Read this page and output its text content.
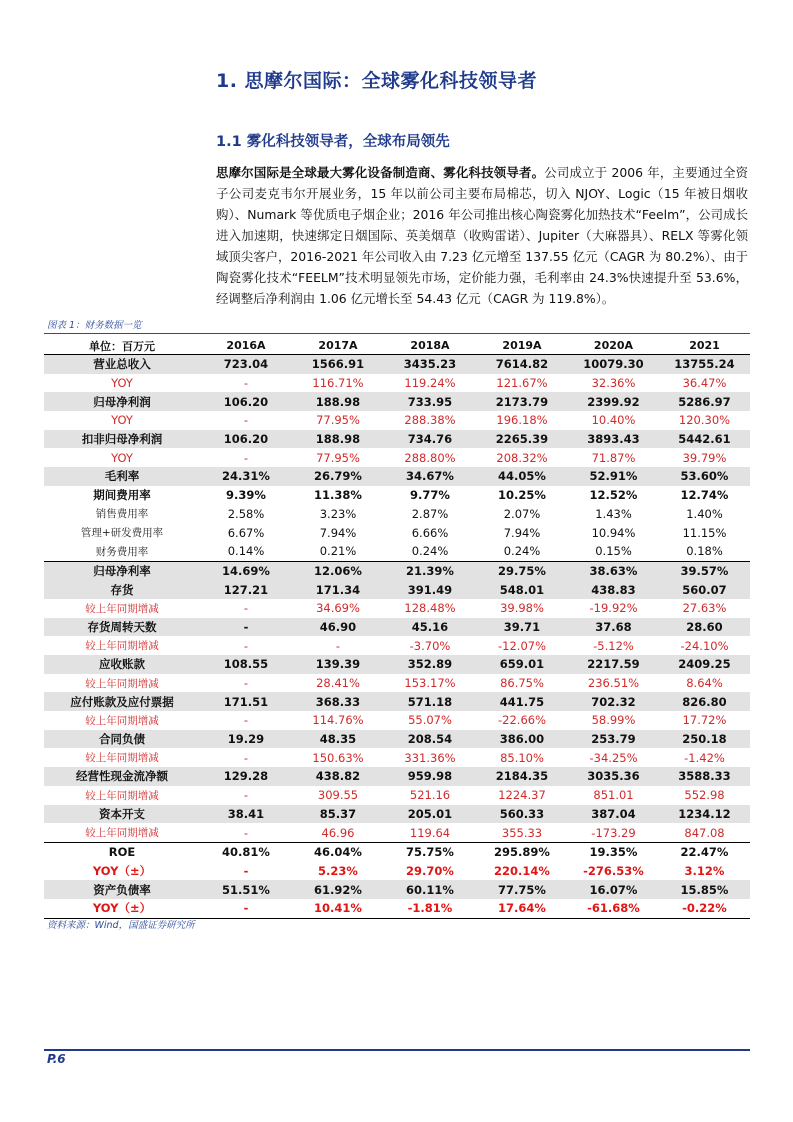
1. 思摩尔国际：全球雾化科技领导者
1.1 雾化科技领导者，全球布局领先
思摩尔国际是全球最大雾化设备制造商、雾化科技领导者。公司成立于 2006 年，主要通过全资子公司麦克韦尔开展业务，15 年以前公司主要布局棉芯，切入 NJOY、Logic（15 年被日烟收购）、Numark 等优质电子烟企业；2016 年公司推出核心陶瓷雾化加热技术“Feelm”，公司成长进入加速期，快速绑定日烟国际、英美烟草（收购雷诺）、Jupiter（大麻器具）、RELX 等雾化领域顶尖客户，2016-2021 年公司收入由 7.23 亿元增至 137.55 亿元（CAGR 为 80.2%）、由于陶瓷雾化技术“FEELM”技术明显领先市场，定价能力强，毛利率由 24.3%快速提升至 53.6%，经调整后净利润由 1.06 亿元增长至 54.43 亿元（CAGR 为 119.8%）。
图表 1：财务数据一览
单位：百万元	2016A	2017A	2018A	2019A	2020A	2021
营业总收入	723.04	1566.91	3435.23	7614.82	10079.30	13755.24
YOY	-	116.71%	119.24%	121.67%	32.36%	36.47%
归母净利润	106.20	188.98	733.95	2173.79	2399.92	5286.97
YOY	-	77.95%	288.38%	196.18%	10.40%	120.30%
扣非归母净利润	106.20	188.98	734.76	2265.39	3893.43	5442.61
YOY	-	77.95%	288.80%	208.32%	71.87%	39.79%
毛利率	24.31%	26.79%	34.67%	44.05%	52.91%	53.60%
期间费用率	9.39%	11.38%	9.77%	10.25%	12.52%	12.74%
销售费用率	2.58%	3.23%	2.87%	2.07%	1.43%	1.40%
管理+研发费用率	6.67%	7.94%	6.66%	7.94%	10.94%	11.15%
财务费用率	0.14%	0.21%	0.24%	0.24%	0.15%	0.18%
归母净利率	14.69%	12.06%	21.39%	29.75%	38.63%	39.57%
存货	127.21	171.34	391.49	548.01	438.83	560.07
较上年同期增减	-	34.69%	128.48%	39.98%	-19.92%	27.63%
存货周转天数	-	46.90	45.16	39.71	37.68	28.60
较上年同期增减	-	-	-3.70%	-12.07%	-5.12%	-24.10%
应收账款	108.55	139.39	352.89	659.01	2217.59	2409.25
较上年同期增减	-	28.41%	153.17%	86.75%	236.51%	8.64%
应付账款及应付票据	171.51	368.33	571.18	441.75	702.32	826.80
较上年同期增减	-	114.76%	55.07%	-22.66%	58.99%	17.72%
合同负债	19.29	48.35	208.54	386.00	253.79	250.18
较上年同期增减	-	150.63%	331.36%	85.10%	-34.25%	-1.42%
经营性现金流净额	129.28	438.82	959.98	2184.35	3035.36	3588.33
较上年同期增减	-	309.55	521.16	1224.37	851.01	552.98
资本开支	38.41	85.37	205.01	560.33	387.04	1234.12
较上年同期增减	-	46.96	119.64	355.33	-173.29	847.08
ROE	40.81%	46.04%	75.75%	295.89%	19.35%	22.47%
YOY（±）	-	5.23%	29.70%	220.14%	-276.53%	3.12%
资产负债率	51.51%	61.92%	60.11%	77.75%	16.07%	15.85%
YOY（±）	-	10.41%	-1.81%	17.64%	-61.68%	-0.22%
资料来源：Wind，国盛证券研究所
P.6
